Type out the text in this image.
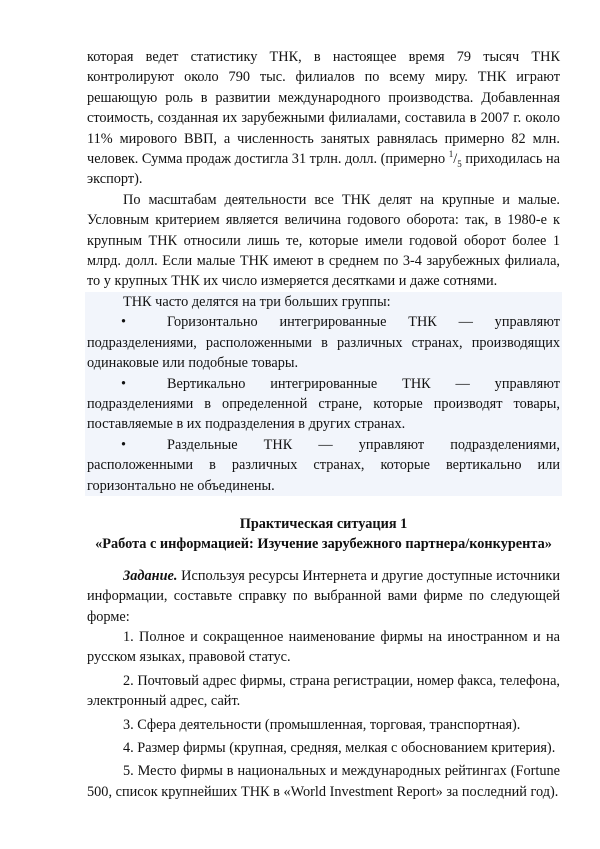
которая ведет статистику ТНК, в настоящее время 79 тысяч ТНК контролируют около 790 тыс. филиалов по всему миру. ТНК играют решающую роль в развитии международного производства. Добавленная стоимость, созданная их зарубежными филиалами, составила в 2007 г. около 11% мирового ВВП, а численность занятых равнялась примерно 82 млн. человек. Сумма продаж достигла 31 трлн. долл. (примерно $^1/_5$ приходилась на экспорт).

По масштабам деятельности все ТНК делят на крупные и малые. Условным критерием является величина годового оборота: так, в 1980-е к крупным ТНК относили лишь те, которые имели годовой оборот более 1 млрд. долл. Если малые ТНК имеют в среднем по 3-4 зарубежных филиала, то у крупных ТНК их число измеряется десятками и даже сотнями.

ТНК часто делятся на три больших группы:

•	Горизонтально интегрированные ТНК — управляют подразделениями, расположенными в различных странах, производящих одинаковые или подобные товары.

•	Вертикально интегрированные ТНК — управляют подразделениями в определенной стране, которые производят товары, поставляемые в их подразделения в других странах.

•	Раздельные ТНК — управляют подразделениями, расположенными в различных странах, которые вертикально или горизонтально не объединены.

Практическая ситуация 1

«Работа с информацией: Изучение зарубежного партнера/конкурента»

Задание. Используя ресурсы Интернета и другие доступные источники информации, составьте справку по выбранной вами фирме по следующей форме:

1. Полное и сокращенное наименование фирмы на иностранном и на русском языках, правовой статус.

2. Почтовый адрес фирмы, страна регистрации, номер факса, телефона, электронный адрес, сайт.

3. Сфера деятельности (промышленная, торговая, транспортная).

4. Размер фирмы (крупная, средняя, мелкая с обоснованием критерия).

5. Место фирмы в национальных и международных рейтингах (Fortune 500, список крупнейших ТНК в «World Investment Report» за последний год).
